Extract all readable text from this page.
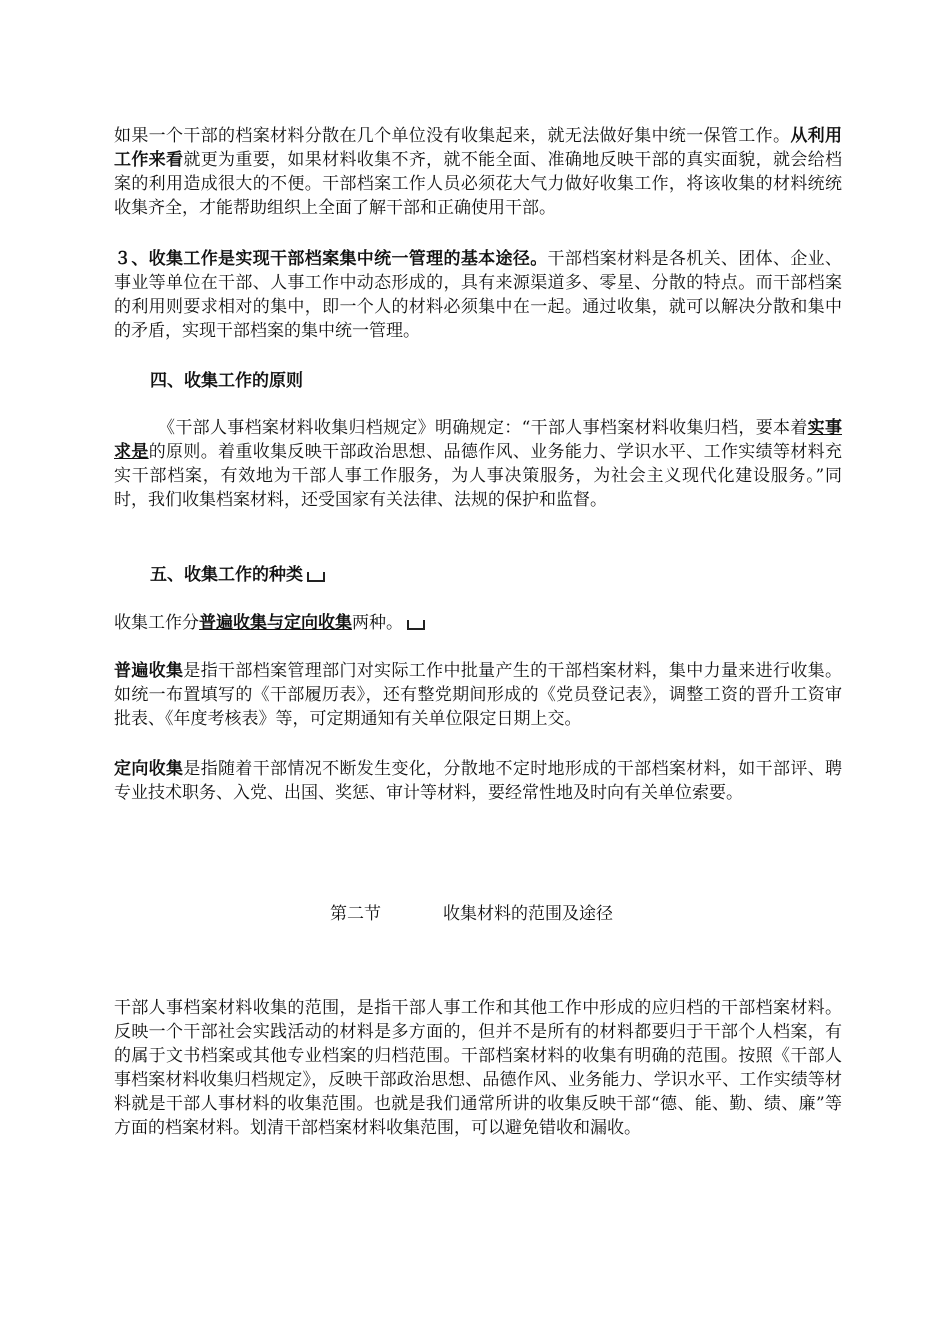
如果一个干部的档案材料分散在几个单位没有收集起来，就无法做好集中统一保管工作。从利用工作来看就更为重要，如果材料收集不齐，就不能全面、准确地反映干部的真实面貌，就会给档案的利用造成很大的不便。干部档案工作人员必须花大气力做好收集工作，将该收集的材料统统收集齐全，才能帮助组织上全面了解干部和正确使用干部。

３、收集工作是实现干部档案集中统一管理的基本途径。干部档案材料是各机关、团体、企业、事业等单位在干部、人事工作中动态形成的，具有来源渠道多、零星、分散的特点。而干部档案的利用则要求相对的集中，即一个人的材料必须集中在一起。通过收集，就可以解决分散和集中的矛盾，实现干部档案的集中统一管理。

四、收集工作的原则

《干部人事档案材料收集归档规定》明确规定：“干部人事档案材料收集归档，要本着实事求是的原则。着重收集反映干部政治思想、品德作风、业务能力、学识水平、工作实绩等材料充实干部档案，有效地为干部人事工作服务，为人事决策服务，为社会主义现代化建设服务。”同时，我们收集档案材料，还受国家有关法律、法规的保护和监督。

五、收集工作的种类

收集工作分普遍收集与定向收集两种。

普遍收集是指干部档案管理部门对实际工作中批量产生的干部档案材料，集中力量来进行收集。如统一布置填写的《干部履历表》，还有整党期间形成的《党员登记表》，调整工资的晋升工资审批表、《年度考核表》等，可定期通知有关单位限定日期上交。

定向收集是指随着干部情况不断发生变化，分散地不定时地形成的干部档案材料，如干部评、聘专业技术职务、入党、出国、奖惩、审计等材料，要经常性地及时向有关单位索要。

第二节	收集材料的范围及途径

干部人事档案材料收集的范围，是指干部人事工作和其他工作中形成的应归档的干部档案材料。反映一个干部社会实践活动的材料是多方面的，但并不是所有的材料都要归于干部个人档案，有的属于文书档案或其他专业档案的归档范围。干部档案材料的收集有明确的范围。按照《干部人事档案材料收集归档规定》，反映干部政治思想、品德作风、业务能力、学识水平、工作实绩等材料就是干部人事材料的收集范围。也就是我们通常所讲的收集反映干部“德、能、勤、绩、廉”等方面的档案材料。划清干部档案材料收集范围，可以避免错收和漏收。
